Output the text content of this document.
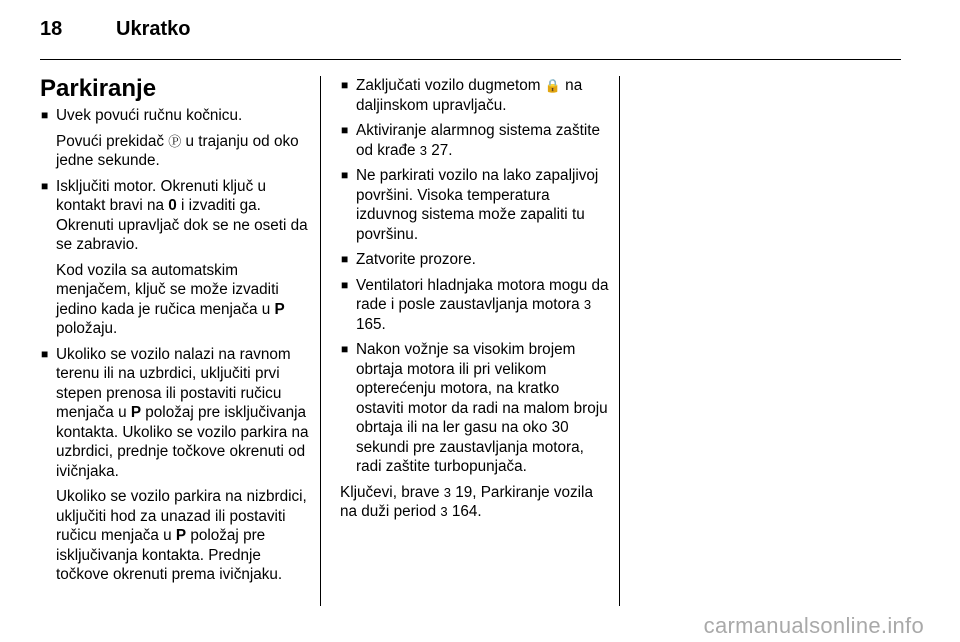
18	Ukratko
Parkiranje
■ Uvek povući ručnu kočnicu.
Povući prekidač Ⓟ u trajanju od oko jedne sekunde.
■ Isključiti motor. Okrenuti ključ u kontakt bravi na 0 i izvaditi ga. Okrenuti upravljač dok se ne oseti da se zabravio.
Kod vozila sa automatskim menjačem, ključ se može izvaditi jedino kada je ručica menjača u P položaju.
■ Ukoliko se vozilo nalazi na ravnom terenu ili na uzbrdici, uključiti prvi stepen prenosa ili postaviti ručicu menjača u P položaj pre isključivanja kontakta. Ukoliko se vozilo parkira na uzbrdici, prednje točkove okrenuti od ivičnjaka.
Ukoliko se vozilo parkira na nizbrdici, uključiti hod za unazad ili postaviti ručicu menjača u P položaj pre isključivanja kontakta. Prednje točkove okrenuti prema ivičnjaku.
■ Zaključati vozilo dugmetom 🔒 na daljinskom upravljaču.
■ Aktiviranje alarmnog sistema zaštite od krađe 3 27.
■ Ne parkirati vozilo na lako zapaljivoj površini. Visoka temperatura izduvnog sistema može zapaliti tu površinu.
■ Zatvorite prozore.
■ Ventilatori hladnjaka motora mogu da rade i posle zaustavljanja motora 3 165.
■ Nakon vožnje sa visokim brojem obrtaja motora ili pri velikom opterećenju motora, na kratko ostaviti motor da radi na malom broju obrtaja ili na ler gasu na oko 30 sekundi pre zaustavljanja motora, radi zaštite turbopunjača.
Ključevi, brave 3 19, Parkiranje vozila na duži period 3 164.
carmanualsonline.info
